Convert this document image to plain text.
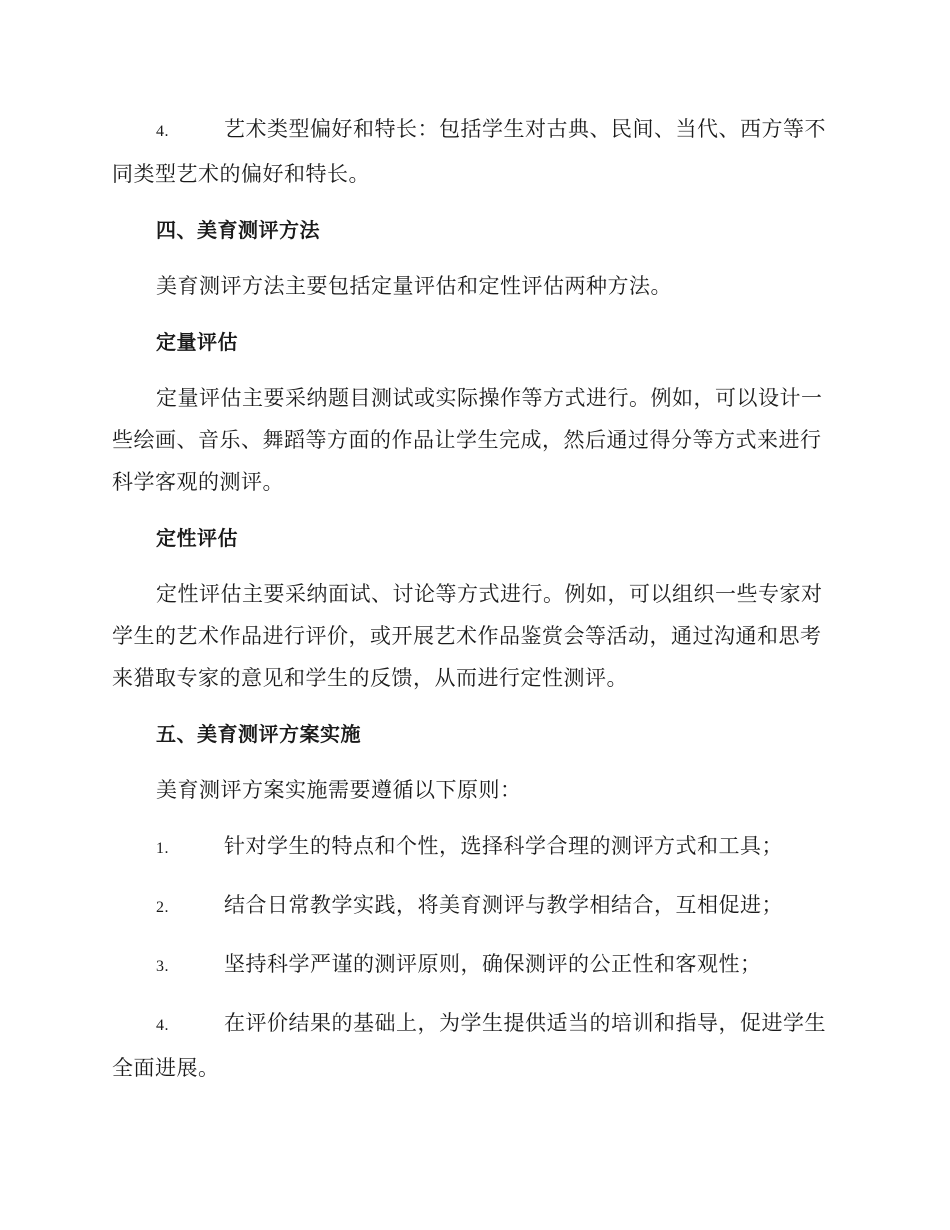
4.	艺术类型偏好和特长：包括学生对古典、民间、当代、西方等不同类型艺术的偏好和特长。

四、美育测评方法

美育测评方法主要包括定量评估和定性评估两种方法。

定量评估

定量评估主要采纳题目测试或实际操作等方式进行。例如，可以设计一些绘画、音乐、舞蹈等方面的作品让学生完成，然后通过得分等方式来进行科学客观的测评。

定性评估

定性评估主要采纳面试、讨论等方式进行。例如，可以组织一些专家对学生的艺术作品进行评价，或开展艺术作品鉴赏会等活动，通过沟通和思考来猎取专家的意见和学生的反馈，从而进行定性测评。

五、美育测评方案实施

美育测评方案实施需要遵循以下原则：

1.	针对学生的特点和个性，选择科学合理的测评方式和工具；

2.	结合日常教学实践，将美育测评与教学相结合，互相促进；

3.	坚持科学严谨的测评原则，确保测评的公正性和客观性；

4.	在评价结果的基础上，为学生提供适当的培训和指导，促进学生全面进展。
